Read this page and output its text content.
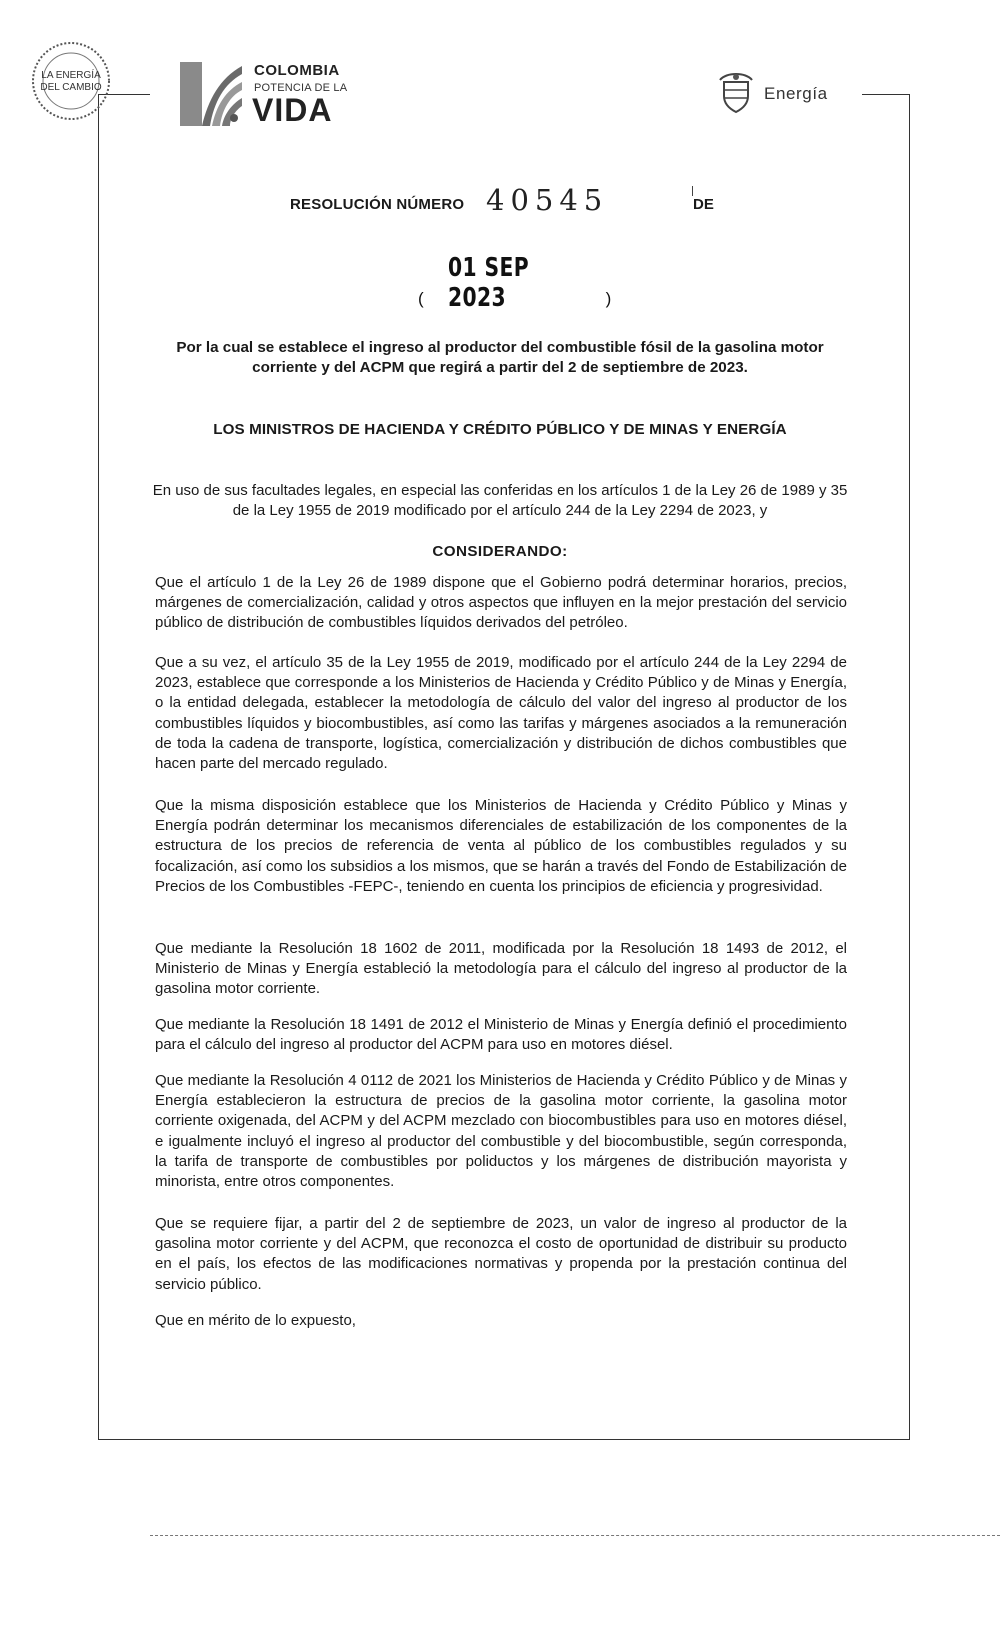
LA ENERGÍA
DEL CAMBIO
COLOMBIA
POTENCIA DE LA
VIDA	Energía
RESOLUCIÓN NÚMERO 40545	DE
( 01 SEP 2023	)
Por la cual se establece el ingreso al productor del combustible fósil de la gasolina motor corriente y del ACPM que regirá a partir del 2 de septiembre de 2023.
LOS MINISTROS DE HACIENDA Y CRÉDITO PÚBLICO Y DE MINAS Y ENERGÍA
En uso de sus facultades legales, en especial las conferidas en los artículos 1 de la Ley 26 de 1989 y 35 de la Ley 1955 de 2019 modificado por el artículo 244 de la Ley 2294 de 2023, y
CONSIDERANDO:
Que el artículo 1 de la Ley 26 de 1989 dispone que el Gobierno podrá determinar horarios, precios, márgenes de comercialización, calidad y otros aspectos que influyen en la mejor prestación del servicio público de distribución de combustibles líquidos derivados del petróleo.
Que a su vez, el artículo 35 de la Ley 1955 de 2019, modificado por el artículo 244 de la Ley 2294 de 2023, establece que corresponde a los Ministerios de Hacienda y Crédito Público y de Minas y Energía, o la entidad delegada, establecer la metodología de cálculo del valor del ingreso al productor de los combustibles líquidos y biocombustibles, así como las tarifas y márgenes asociados a la remuneración de toda la cadena de transporte, logística, comercialización y distribución de dichos combustibles que hacen parte del mercado regulado.
Que la misma disposición establece que los Ministerios de Hacienda y Crédito Público y Minas y Energía podrán determinar los mecanismos diferenciales de estabilización de los componentes de la estructura de los precios de referencia de venta al público de los combustibles regulados y su focalización, así como los subsidios a los mismos, que se harán a través del Fondo de Estabilización de Precios de los Combustibles -FEPC-, teniendo en cuenta los principios de eficiencia y progresividad.
Que mediante la Resolución 18 1602 de 2011, modificada por la Resolución 18 1493 de 2012, el Ministerio de Minas y Energía estableció la metodología para el cálculo del ingreso al productor de la gasolina motor corriente.
Que mediante la Resolución 18 1491 de 2012 el Ministerio de Minas y Energía definió el procedimiento para el cálculo del ingreso al productor del ACPM para uso en motores diésel.
Que mediante la Resolución 4 0112 de 2021 los Ministerios de Hacienda y Crédito Público y de Minas y Energía establecieron la estructura de precios de la gasolina motor corriente, la gasolina motor corriente oxigenada, del ACPM y del ACPM mezclado con biocombustibles para uso en motores diésel, e igualmente incluyó el ingreso al productor del combustible y del biocombustible, según corresponda, la tarifa de transporte de combustibles por poliductos y los márgenes de distribución mayorista y minorista, entre otros componentes.
Que se requiere fijar, a partir del 2 de septiembre de 2023, un valor de ingreso al productor de la gasolina motor corriente y del ACPM, que reconozca el costo de oportunidad de distribuir su producto en el país, los efectos de las modificaciones normativas y propenda por la prestación continua del servicio público.
Que en mérito de lo expuesto,
